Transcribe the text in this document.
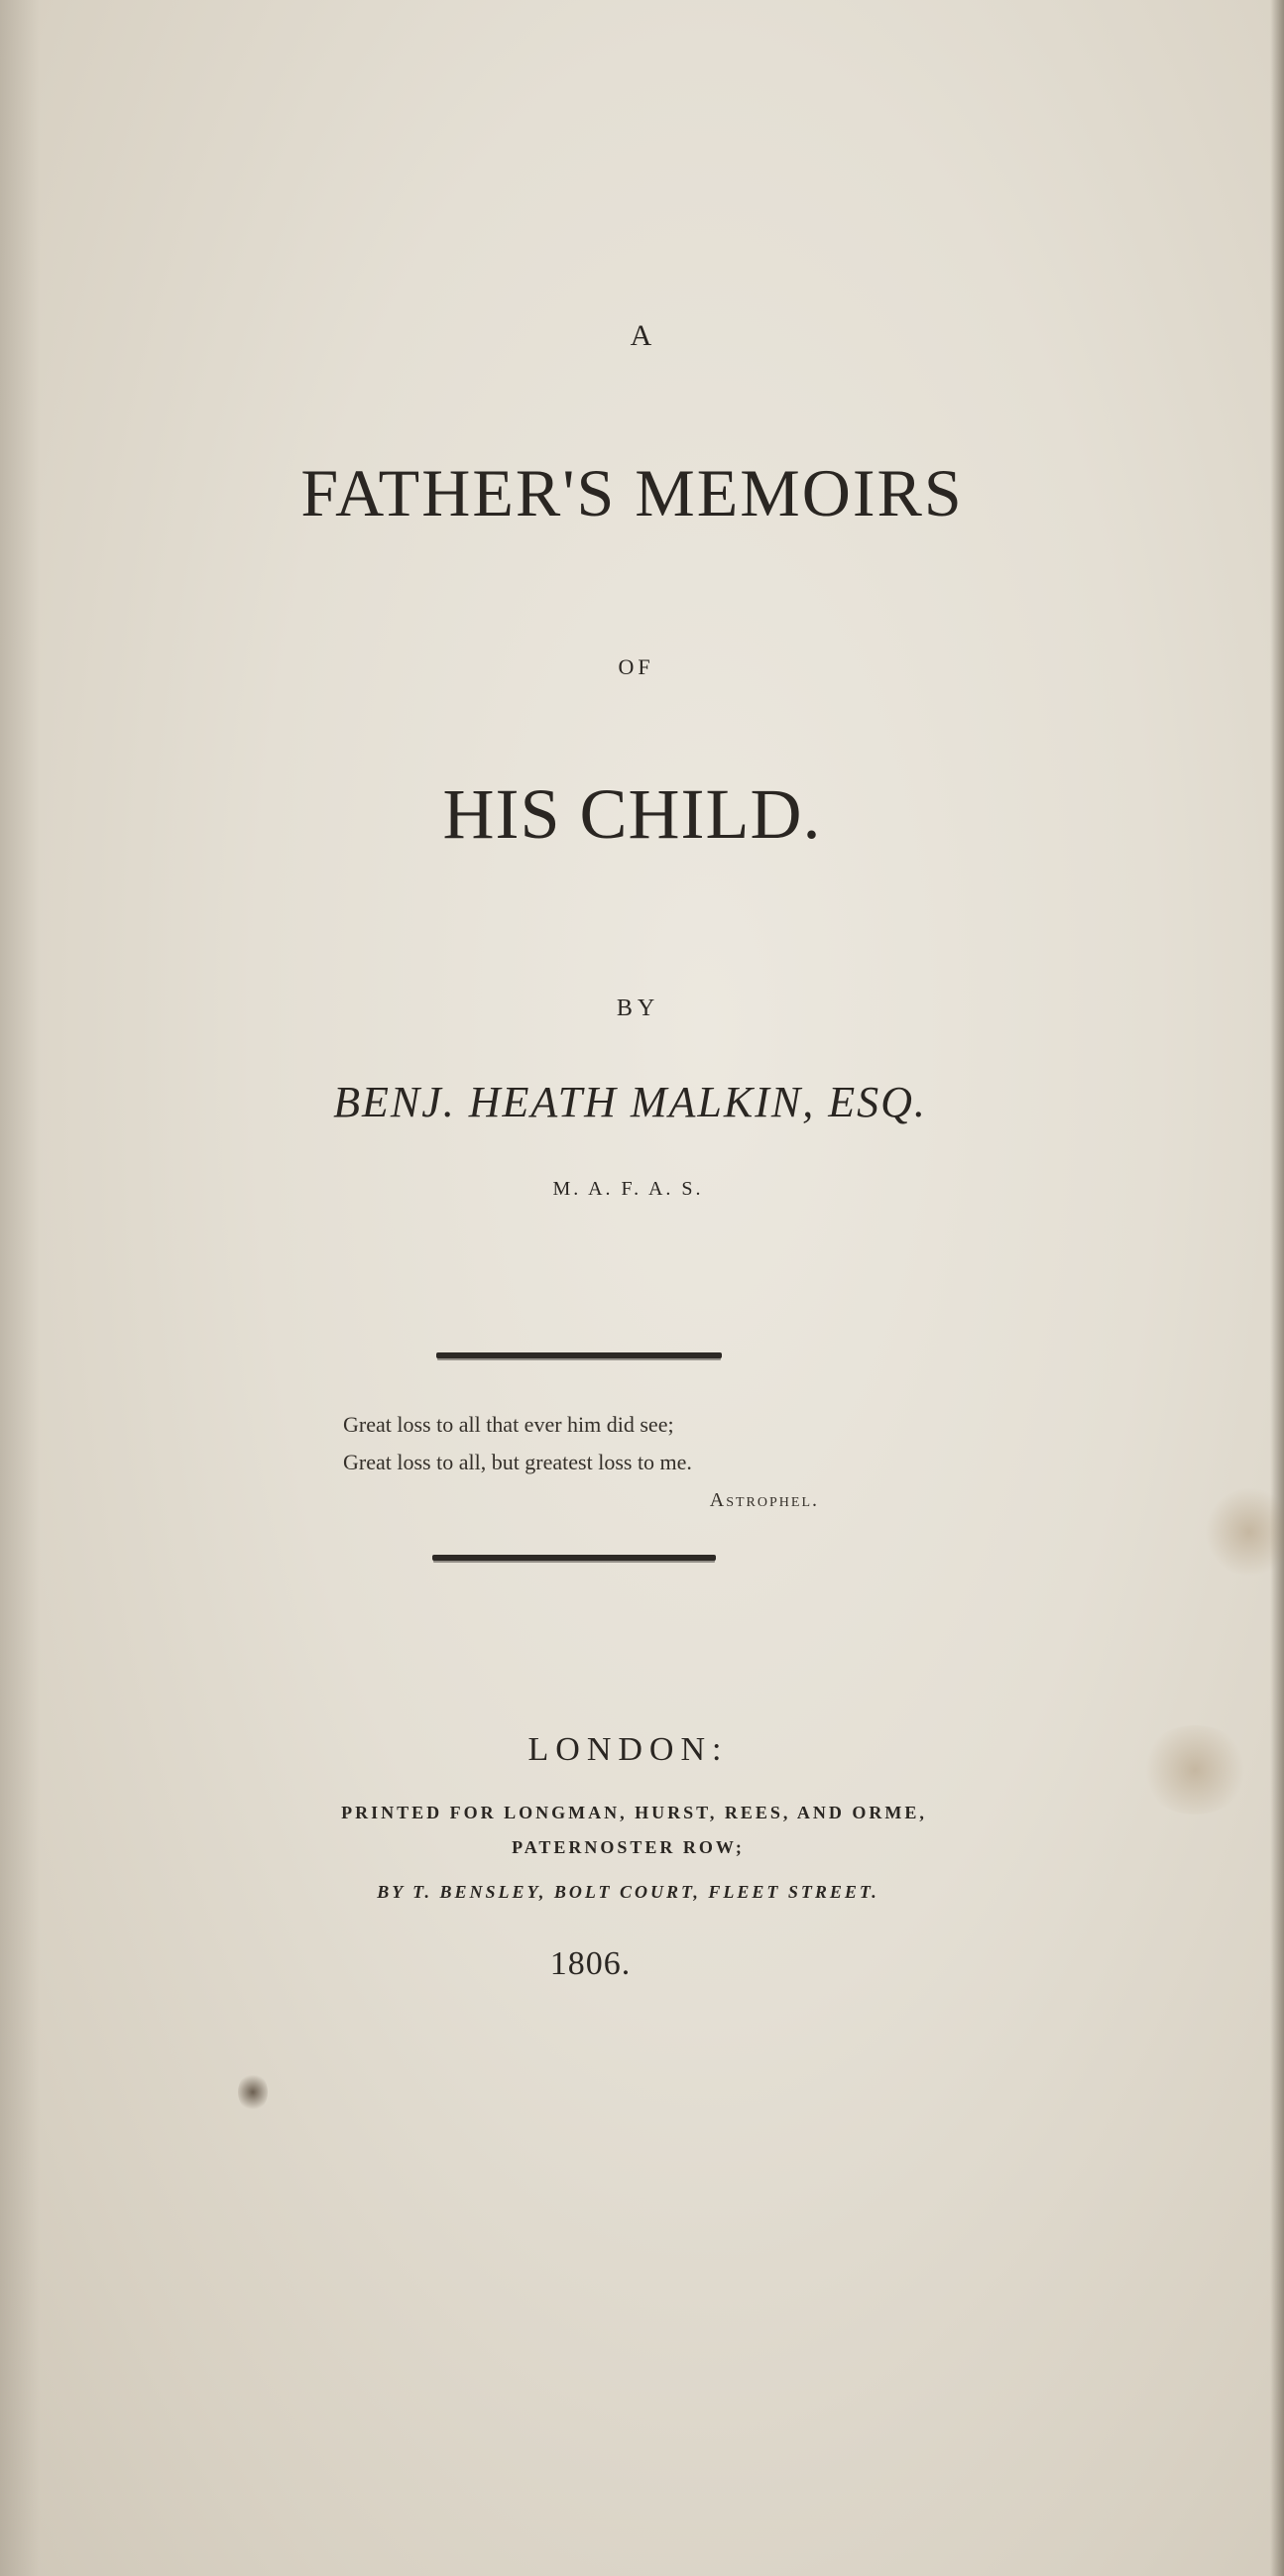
A
FATHER'S MEMOIRS
OF
HIS CHILD.
BY
BENJ. HEATH MALKIN, ESQ.
M. A. F. A. S.
Great loss to all that ever him did see;
Great loss to all, but greatest loss to me.
Astrophel.
LONDON:
PRINTED FOR LONGMAN, HURST, REES, AND ORME,
PATERNOSTER ROW;
BY T. BENSLEY, BOLT COURT, FLEET STREET.
1806.
